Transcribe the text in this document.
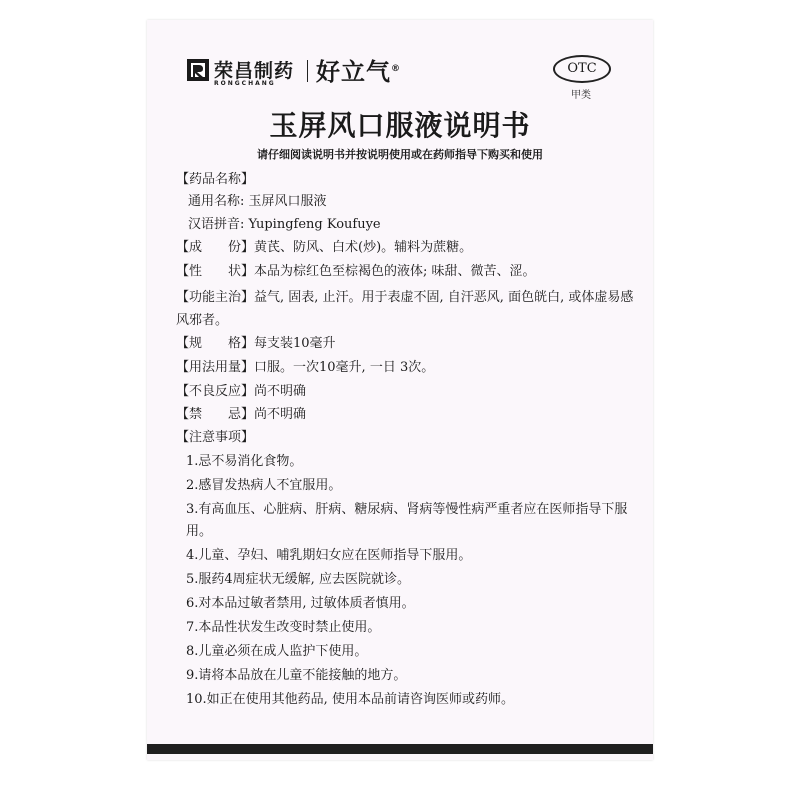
荣昌制药
RONGCHANG 好立气®	OTC
甲类
玉屏风口服液说明书
请仔细阅读说明书并按说明使用或在药师指导下购买和使用
【药品名称】
通用名称: 玉屏风口服液
汉语拼音: Yupingfeng Koufuye
【成　　份】黄芪、防风、白术(炒)。辅料为蔗糖。
【性　　状】本品为棕红色至棕褐色的液体; 味甜、微苦、涩。
【功能主治】益气, 固表, 止汗。用于表虚不固, 自汗恶风, 面色㿠白, 或体虚易感风邪者。
【规　　格】每支装10毫升
【用法用量】口服。一次10毫升, 一日 3次。
【不良反应】尚不明确
【禁　　忌】尚不明确
【注意事项】
1.忌不易消化食物。
2.感冒发热病人不宜服用。
3.有高血压、心脏病、肝病、糖尿病、肾病等慢性病严重者应在医师指导下服用。
4.儿童、孕妇、哺乳期妇女应在医师指导下服用。
5.服药4周症状无缓解, 应去医院就诊。
6.对本品过敏者禁用, 过敏体质者慎用。
7.本品性状发生改变时禁止使用。
8.儿童必须在成人监护下使用。
9.请将本品放在儿童不能接触的地方。
10.如正在使用其他药品, 使用本品前请咨询医师或药师。
